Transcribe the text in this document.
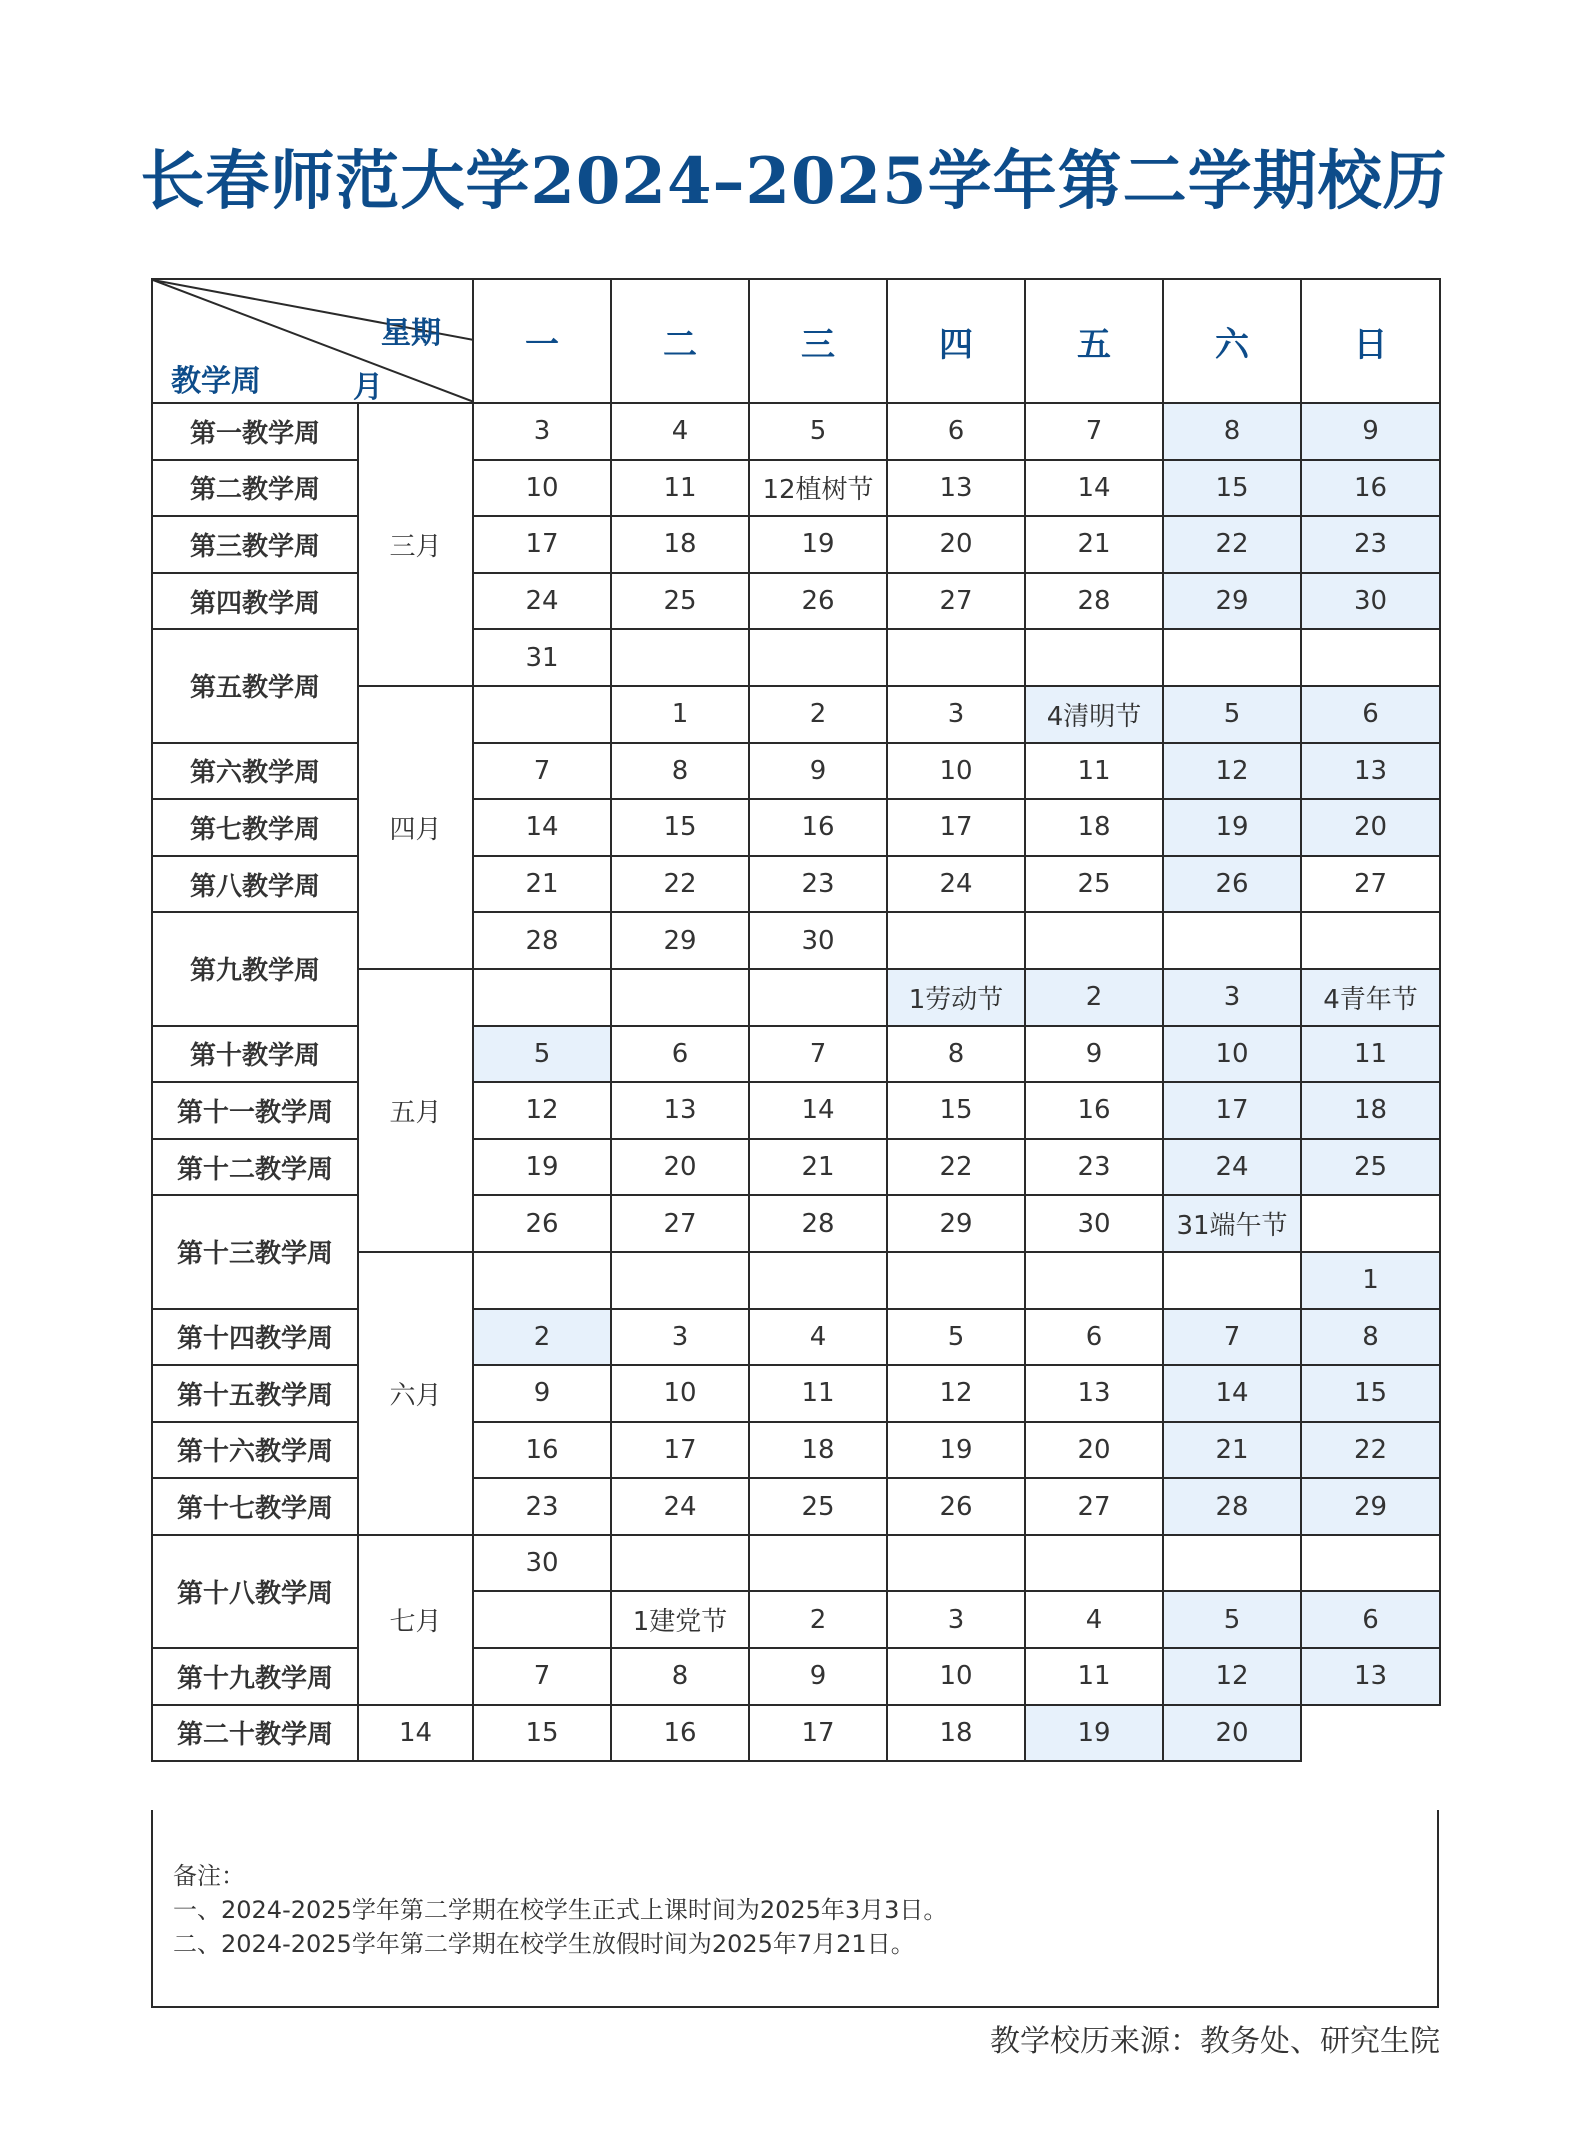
长春师范大学2024–2025学年第二学期校历
星期
教学周 月		一	二	三	四	五	六	日
第一教学周	三月	3	4	5	6	7	8	9
第二教学周		10	11	12植树节	13	14	15	16
第三教学周		17	18	19	20	21	22	23
第四教学周		24	25	26	27	28	29	30
第五教学周		31						
	四月		1	2	3	4清明节	5	6
第六教学周		7	8	9	10	11	12	13
第七教学周		14	15	16	17	18	19	20
第八教学周		21	22	23	24	25	26	27
第九教学周		28	29	30				
	五月				1劳动节	2	3	4青年节
第十教学周		5	6	7	8	9	10	11
第十一教学周		12	13	14	15	16	17	18
第十二教学周		19	20	21	22	23	24	25
第十三教学周		26	27	28	29	30	31端午节	
	六月							1
第十四教学周		2	3	4	5	6	7	8
第十五教学周		9	10	11	12	13	14	15
第十六教学周		16	17	18	19	20	21	22
第十七教学周		23	24	25	26	27	28	29
第十八教学周	七月	30						
			1建党节	2	3	4	5	6
第十九教学周		7	8	9	10	11	12	13
第二十教学周	14	15	16	17	18	19	20	

备注：

一、2024-2025学年第二学期在校学生正式上课时间为2025年3月3日。

二、2024-2025学年第二学期在校学生放假时间为2025年7月21日。

教学校历来源：教务处、研究生院
